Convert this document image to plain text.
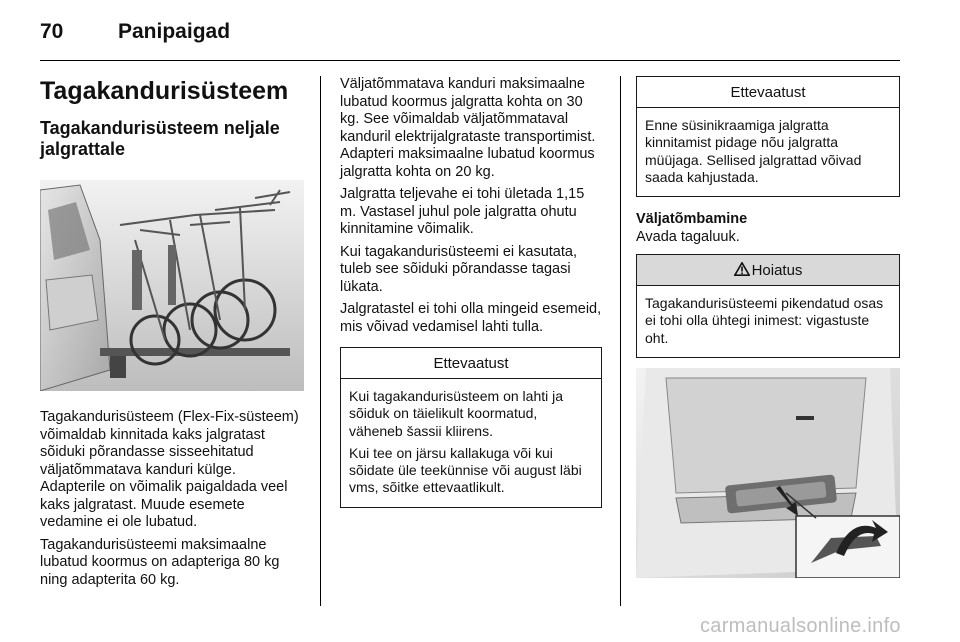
70	Panipaigad
Tagakandurisüsteem
Tagakandurisüsteem neljale jalgrattale

Tagakandurisüsteem (Flex-Fix-süsteem) võimaldab kinnitada kaks jalgratast sõiduki põrandasse sisseehitatud väljatõmmatava kanduri külge. Adapterile on võimalik paigaldada veel kaks jalgratast. Muude esemete vedamine ei ole lubatud.

Tagakandurisüsteemi maksimaalne lubatud koormus on adapteriga 80 kg ning adapterita 60 kg.

Väljatõmmatava kanduri maksimaalne lubatud koormus jalgratta kohta on 30 kg. See võimaldab väljatõmmataval kanduril elektrijalgrataste transportimist. Adapteri maksimaalne lubatud koormus jalgratta kohta on 20 kg.

Jalgratta teljevahe ei tohi ületada 1,15 m. Vastasel juhul pole jalgratta ohutu kinnitamine võimalik.

Kui tagakandurisüsteemi ei kasutata, tuleb see sõiduki põrandasse tagasi lükata.

Jalgratastel ei tohi olla mingeid esemeid, mis võivad vedamisel lahti tulla.

Ettevaatust

Kui tagakandurisüsteem on lahti ja sõiduk on täielikult koormatud, väheneb šassii kliirens.

Kui tee on järsu kallakuga või kui sõidate üle teekünnise või august läbi vms, sõitke ettevaatlikult.

Ettevaatust

Enne süsinikraamiga jalgratta kinnitamist pidage nõu jalgratta müüjaga. Sellised jalgrattad võivad saada kahjustada.

Väljatõmbamine

Avada tagaluuk.

Hoiatus

Tagakandurisüsteemi pikendatud osas ei tohi olla ühtegi inimest: vigastuste oht.

carmanualsonline.info
